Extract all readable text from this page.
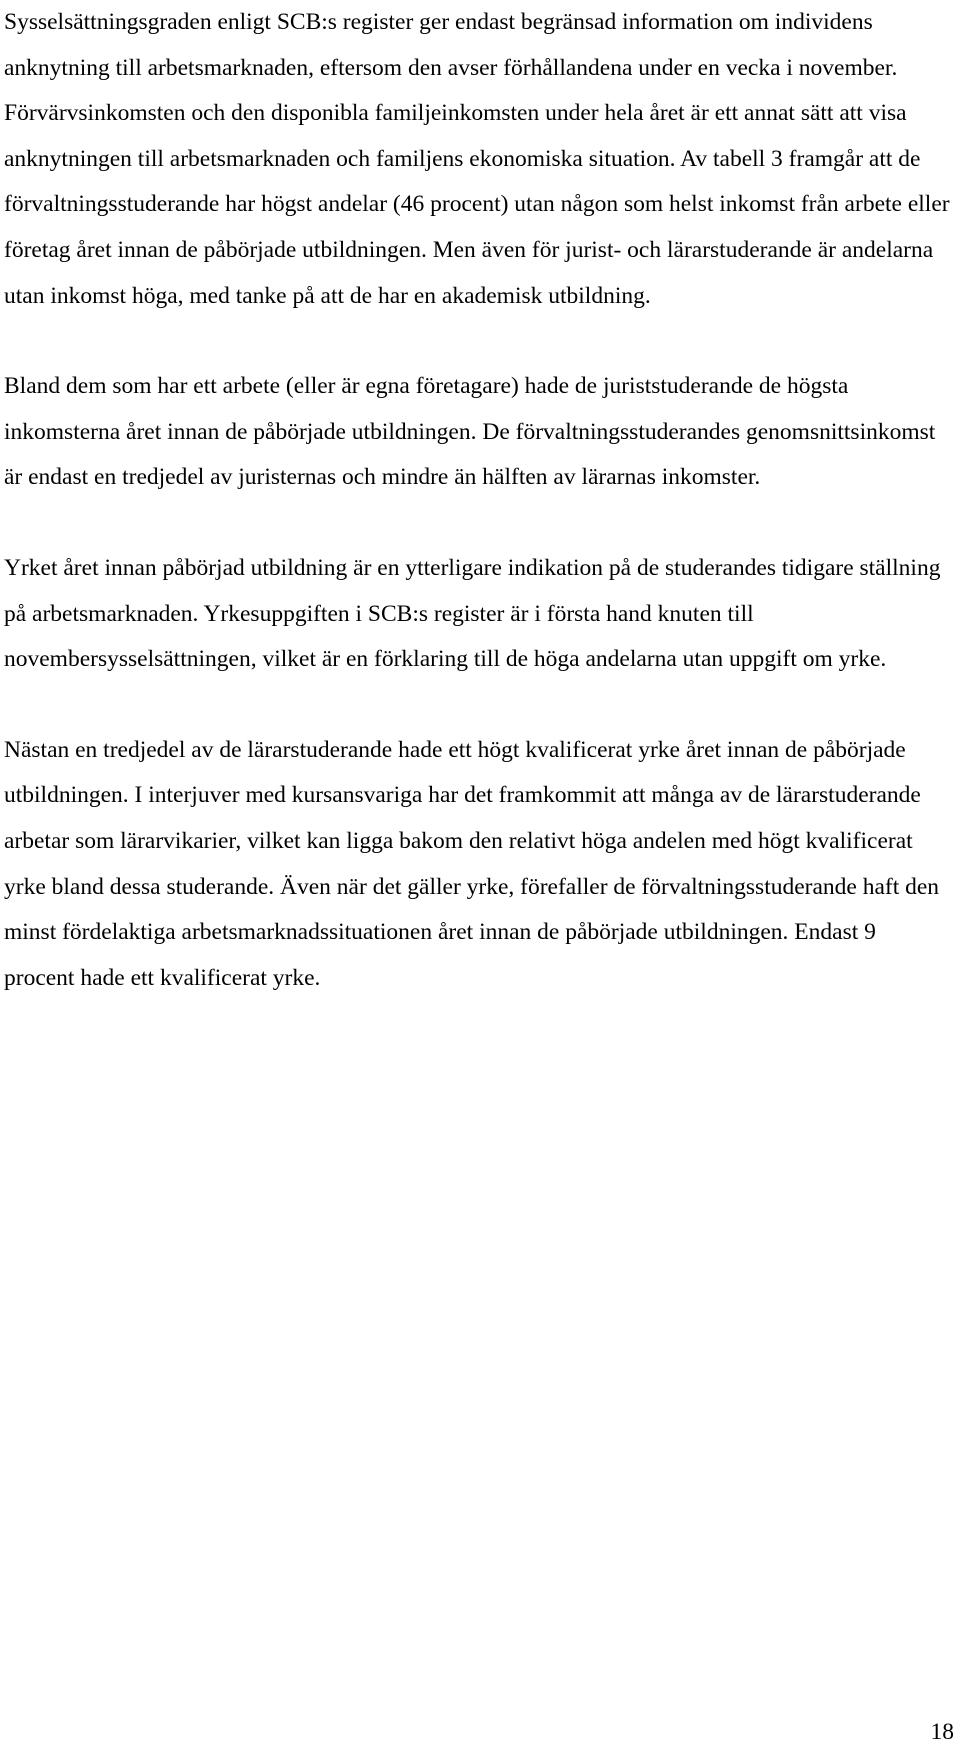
Sysselsättningsgraden enligt SCB:s register ger endast begränsad information om individens anknytning till arbetsmarknaden, eftersom den avser förhållandena under en vecka i november. Förvärvsinkomsten och den disponibla familjeinkomsten under hela året är ett annat sätt att visa anknytningen till arbetsmarknaden och familjens ekonomiska situation. Av tabell 3 framgår att de förvaltningsstuderande har högst andelar (46 procent) utan någon som helst inkomst från arbete eller företag året innan de påbörjade utbildningen. Men även för jurist- och lärarstuderande är andelarna utan inkomst höga, med tanke på att de har en akademisk utbildning.

Bland dem som har ett arbete (eller är egna företagare) hade de juriststuderande de högsta inkomsterna året innan de påbörjade utbildningen. De förvaltningsstuderandes genomsnittsinkomst är endast en tredjedel av juristernas och mindre än hälften av lärarnas inkomster.

Yrket året innan påbörjad utbildning är en ytterligare indikation på de studerandes tidigare ställning på arbetsmarknaden. Yrkesuppgiften i SCB:s register är i första hand knuten till novembersysselsättningen, vilket är en förklaring till de höga andelarna utan uppgift om yrke.

Nästan en tredjedel av de lärarstuderande hade ett högt kvalificerat yrke året innan de påbörjade utbildningen. I interjuver med kursansvariga har det framkommit att många av de lärarstuderande arbetar som lärarvikarier, vilket kan ligga bakom den relativt höga andelen med högt kvalificerat yrke bland dessa studerande. Även när det gäller yrke, förefaller de förvaltningsstuderande haft den minst fördelaktiga arbetsmarknadssituationen året innan de påbörjade utbildningen. Endast 9 procent hade ett kvalificerat yrke.

18
